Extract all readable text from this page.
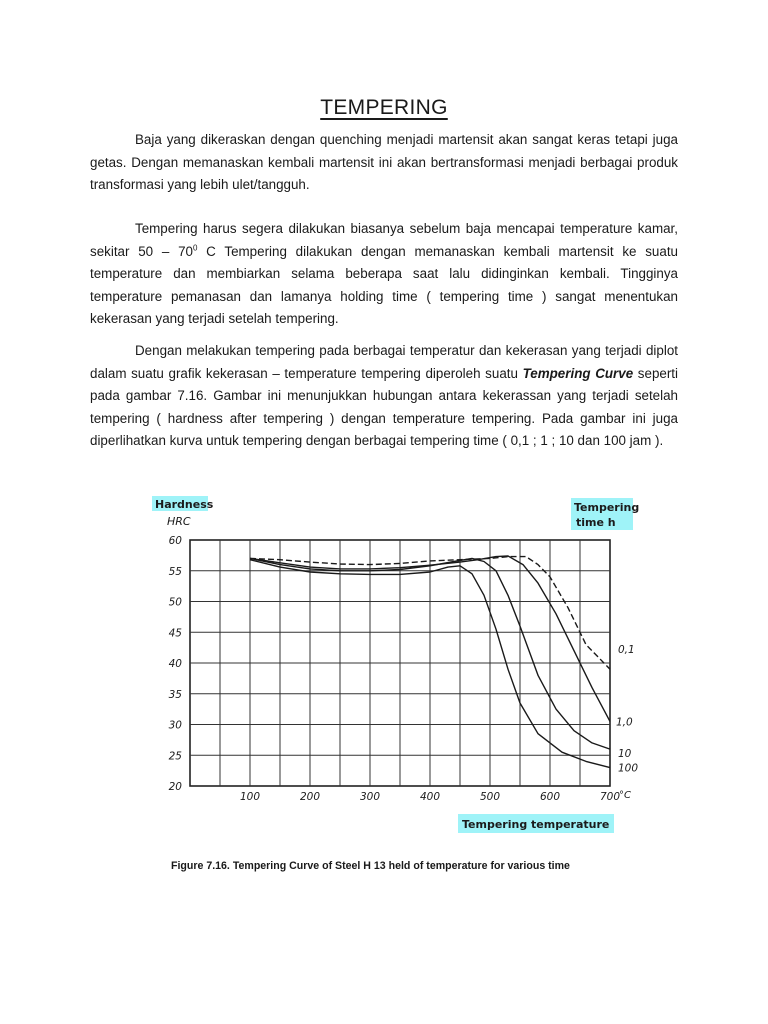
TEMPERING

Baja yang dikeraskan dengan quenching menjadi martensit akan sangat keras tetapi juga getas. Dengan memanaskan kembali martensit ini akan bertransformasi menjadi berbagai produk transformasi yang lebih ulet/tangguh.

Tempering harus segera dilakukan biasanya sebelum baja mencapai temperature kamar, sekitar $50 - 70^0$ C Tempering dilakukan dengan memanaskan kembali martensit ke suatu temperature dan membiarkan selama beberapa saat lalu didinginkan kembali. Tingginya temperature pemanasan dan lamanya holding time ( tempering time ) sangat menentukan kekerasan yang terjadi setelah tempering.

Dengan melakukan tempering pada berbagai temperatur dan kekerasan yang terjadi diplot dalam suatu grafik kekerasan – temperature tempering diperoleh suatu Tempering Curve seperti pada gambar 7.16. Gambar ini menunjukkan hubungan antara kekerassan yang terjadi setelah tempering ( hardness after tempering ) dengan temperature tempering. Pada gambar ini juga diperlihatkan kurva untuk tempering dengan berbagai tempering time ( 0,1 ; 1 ; 10 dan 100 jam ).

Hardness
HRC
Tempering
time h
Tempering temperature
°C
20
25
30
35
40
45
50
55
60
100	200	300	400	500	600	700
0,1
1,0
10
100
Figure 7.16. Tempering Curve of Steel H 13 held of temperature for various time
